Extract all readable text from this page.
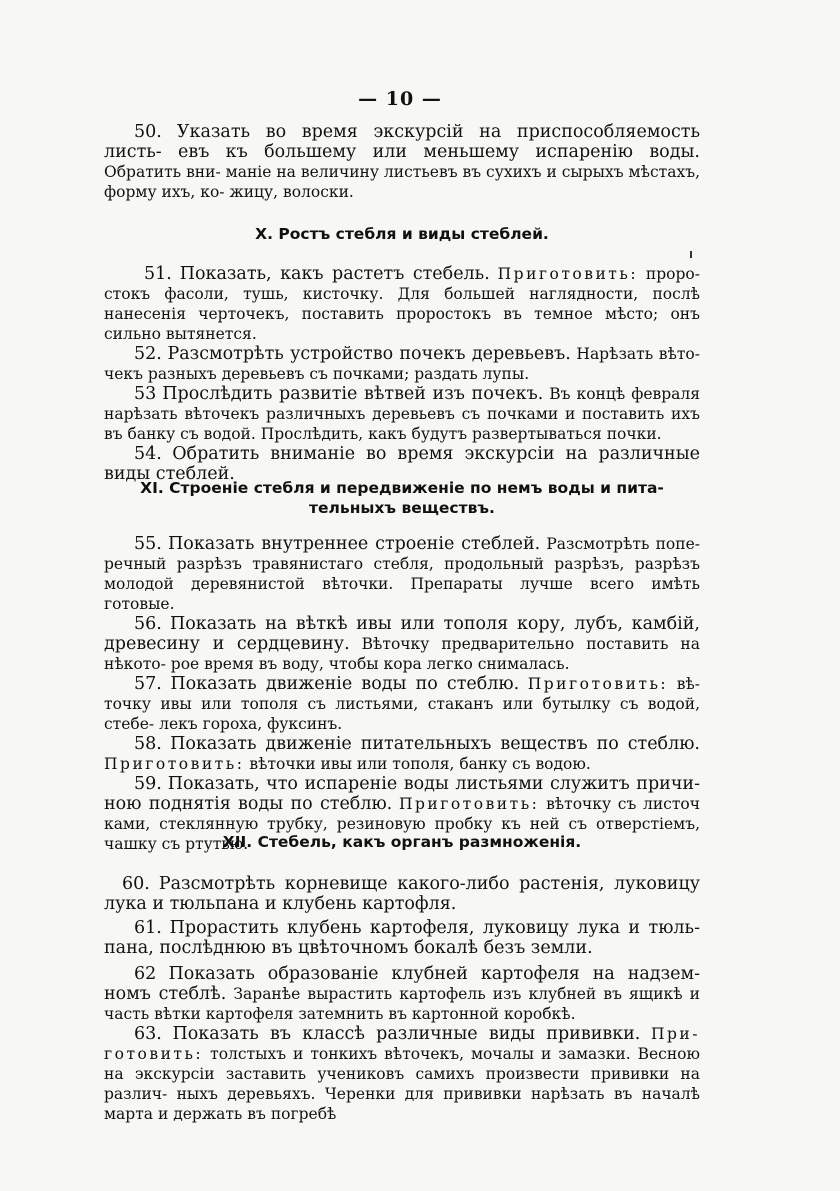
— 10 —

50. Указать во время экскурсій на приспособляемость листь- евъ къ большему или меньшему испаренію воды. Обратить вни- маніе на величину листьевъ въ сухихъ и сырыхъ мѣстахъ, форму ихъ, ко- жицу, волоски.

X. Ростъ стебля и виды стеблей.

51. Показать, какъ растетъ стебель. Приготовить: проро- стокъ фасоли, тушь, кисточку. Для большей наглядности, послѣ нанесенія черточекъ, поставить проростокъ въ темное мѣсто; онъ сильно вытянется.

52. Разсмотрѣть устройство почекъ деревьевъ. Нарѣзать вѣто- чекъ разныхъ деревьевъ съ почками; раздать лупы.

53 Прослѣдить развитіе вѣтвей изъ почекъ. Въ концѣ февраля нарѣзать вѣточекъ различныхъ деревьевъ съ почками и поставить ихъ въ банку съ водой. Прослѣдить, какъ будутъ развертываться почки.

54. Обратить вниманіе во время экскурсіи на различные виды стеблей.

XI. Строеніе стебля и передвиженіе по немъ воды и пита- тельныхъ веществъ.

55. Показать внутреннее строеніе стеблей. Разсмотрѣть попе- речный разрѣзъ травянистаго стебля, продольный разрѣзъ, разрѣзъ молодой деревянистой вѣточки. Препараты лучше всего имѣть готовые.

56. Показать на вѣткѣ ивы или тополя кору, лубъ, камбій, древесину и сердцевину. Вѣточку предварительно поставить на нѣкото- рое время въ воду, чтобы кора легко снималась.

57. Показать движеніе воды по стеблю. Приготовить: вѣ- точку ивы или тополя съ листьями, стаканъ или бутылку съ водой, стебе- лекъ гороха, фуксинъ.

58. Показать движеніе питательныхъ веществъ по стеблю. Приготовить: вѣточки ивы или тополя, банку съ водою.

59. Показать, что испареніе воды листьями служитъ причи- ною поднятія воды по стеблю. Приготовить: вѣточку съ листоч ками, стеклянную трубку, резиновую пробку къ ней съ отверстіемъ, чашку съ ртутью.

XII. Стебель, какъ органъ размноженія.

60. Разсмотрѣть корневище какого-либо растенія, луковицу лука и тюльпана и клубень картофля.

61. Прорастить клубень картофеля, луковицу лука и тюль- пана, послѣднюю въ цвѣточномъ бокалѣ безъ земли.

62 Показать образованіе клубней картофеля на надзем- номъ стеблѣ. Заранѣе вырастить картофель изъ клубней въ ящикѣ и часть вѣтки картофеля затемнить въ картонной коробкѣ.

63. Показать въ классѣ различные виды прививки. При- готовить: толстыхъ и тонкихъ вѣточекъ, мочалы и замазки. Весною на экскурсіи заставить учениковъ самихъ произвести прививки на различ- ныхъ деревьяхъ. Черенки для прививки нарѣзать въ началѣ марта и держать въ погребѣ
